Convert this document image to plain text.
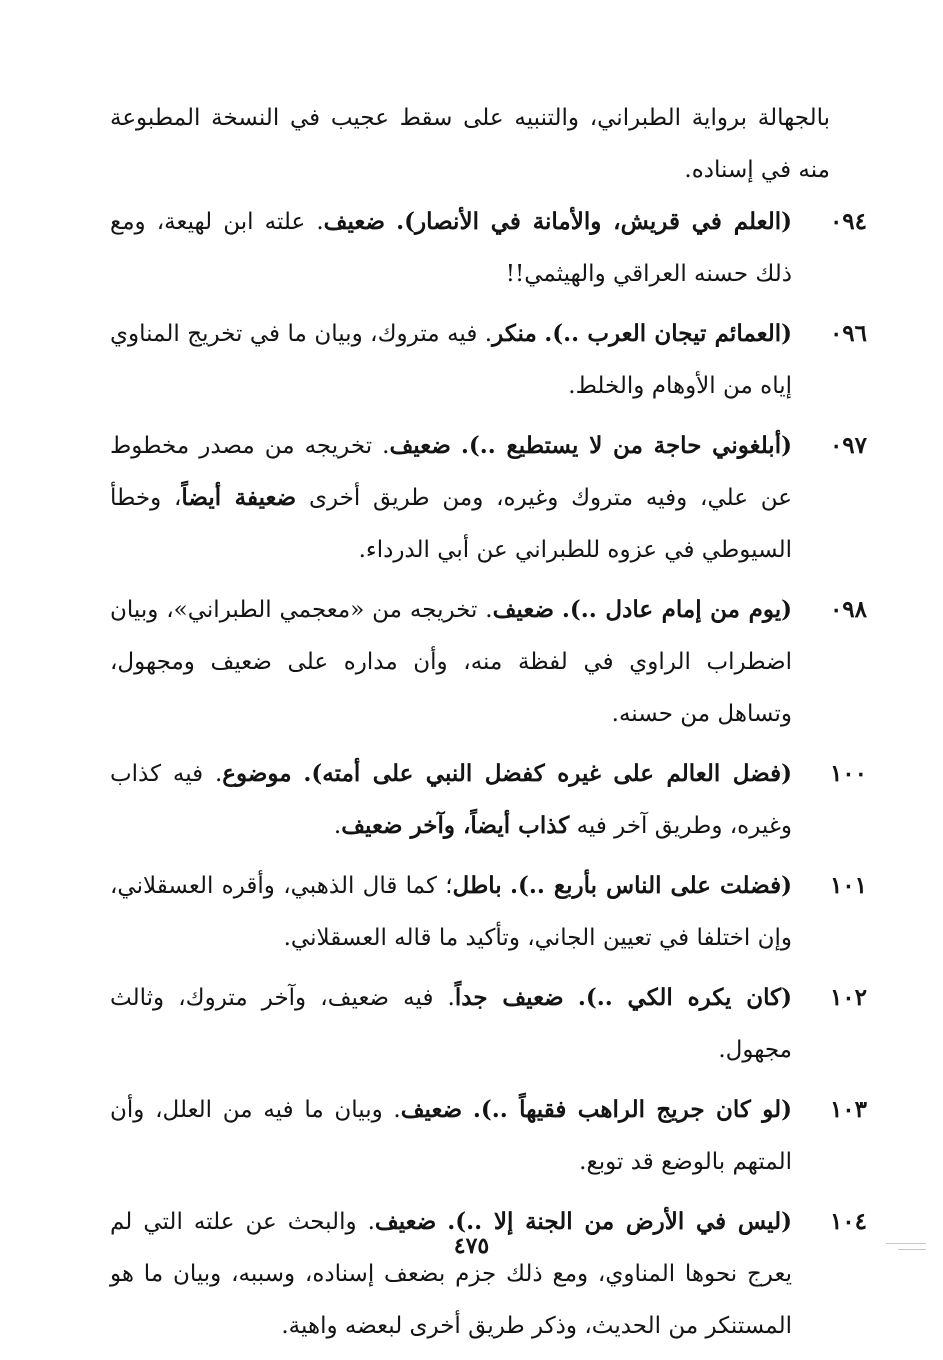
بالجهالة برواية الطبراني، والتنبيه على سقط عجيب في النسخة المطبوعة منه في إسناده.

٠٩٤
(العلم في قريش، والأمانة في الأنصار). ضعيف. علته ابن لهيعة، ومع ذلك حسنه العراقي والهيثمي!!
٠٩٦
(العمائم تيجان العرب ..). منكر. فيه متروك، وبيان ما في تخريج المناوي إياه من الأوهام والخلط.
٠٩٧
(أبلغوني حاجة من لا يستطيع ..). ضعيف. تخريجه من مصدر مخطوط عن علي، وفيه متروك وغيره، ومن طريق أخرى ضعيفة أيضاً، وخطأ السيوطي في عزوه للطبراني عن أبي الدرداء.
٠٩٨
(يوم من إمام عادل ..). ضعيف. تخريجه من «معجمي الطبراني»، وبيان اضطراب الراوي في لفظة منه، وأن مداره على ضعيف ومجهول، وتساهل من حسنه.
١٠٠
(فضل العالم على غيره كفضل النبي على أمته). موضوع. فيه كذاب وغيره، وطريق آخر فيه كذاب أيضاً، وآخر ضعيف.
١٠١
(فضلت على الناس بأربع ..). باطل؛ كما قال الذهبي، وأقره العسقلاني، وإن اختلفا في تعيين الجاني، وتأكيد ما قاله العسقلاني.
١٠٢
(كان يكره الكي ..). ضعيف جداً. فيه ضعيف، وآخر متروك، وثالث مجهول.
١٠٣
(لو كان جريج الراهب فقيهاً ..). ضعيف. وبيان ما فيه من العلل، وأن المتهم بالوضع قد توبع.
١٠٤
(ليس في الأرض من الجنة إلا ..). ضعيف. والبحث عن علته التي لم يعرج نحوها المناوي، ومع ذلك جزم بضعف إسناده، وسببه، وبيان ما هو المستنكر من الحديث، وذكر طريق أخرى لبعضه واهية.
٤٧٥
